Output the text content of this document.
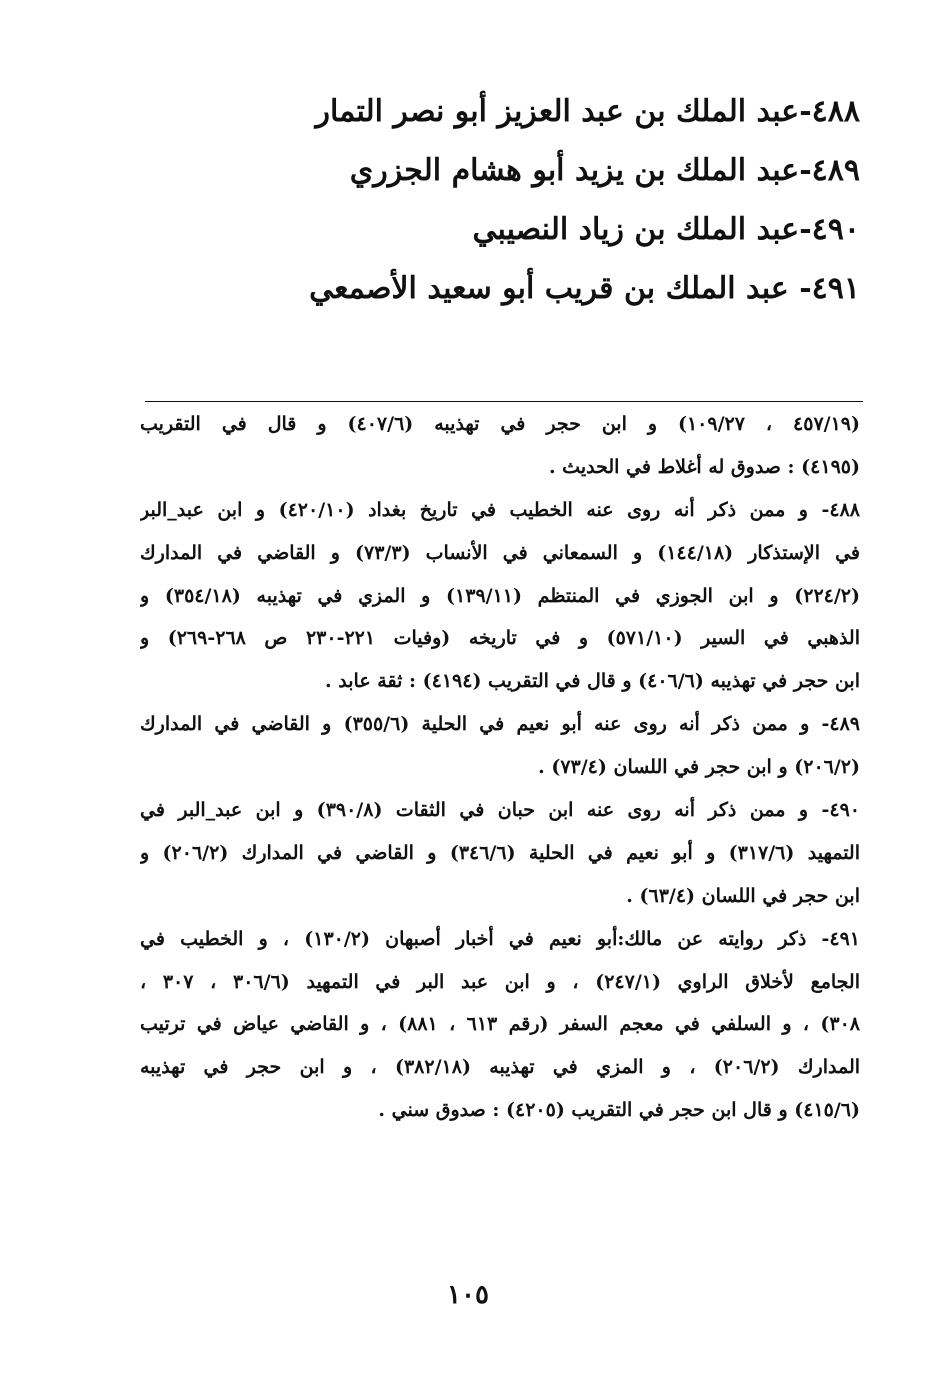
٤٨٨-عبد الملك بن عبد العزيز أبو نصر التمار
٤٨٩-عبد الملك بن يزيد أبو هشام الجزري
٤٩٠-عبد الملك بن زياد النصيبي
٤٩١- عبد الملك بن قريب أبو سعيد الأصمعي
(٤٥٧/١٩ ، ١٠٩/٢٧) و ابن حجر في تهذيبه (٤٠٧/٦) و قال في التقريب
(٤١٩٥) : صدوق له أغلاط في الحديث .
٤٨٨- و ممن ذكر أنه روى عنه الخطيب في تاريخ بغداد (٤٢٠/١٠) و ابن عبد_البر
في الإستذكار (١٤٤/١٨) و السمعاني في الأنساب (٧٣/٣) و القاضي في المدارك
(٢٢٤/٢) و ابن الجوزي في المنتظم (١٣٩/١١) و المزي في تهذيبه (٣٥٤/١٨) و
الذهبي في السير (٥٧١/١٠) و في تاريخه (وفيات ٢٢١-٢٣٠ ص ٢٦٨-٢٦٩) و
ابن حجر في تهذيبه (٤٠٦/٦) و قال في التقريب (٤١٩٤) : ثقة عابد .
٤٨٩- و ممن ذكر أنه روى عنه أبو نعيم في الحلية (٣٥٥/٦) و القاضي في المدارك
(٢٠٦/٢) و ابن حجر في اللسان (٧٣/٤) .
٤٩٠- و ممن ذكر أنه روى عنه ابن حبان في الثقات (٣٩٠/٨) و ابن عبد_البر في
التمهيد (٣١٧/٦) و أبو نعيم في الحلية (٣٤٦/٦) و القاضي في المدارك (٢٠٦/٢) و
ابن حجر في اللسان (٦٣/٤) .
٤٩١- ذكر روايته عن مالك:أبو نعيم في أخبار أصبهان (١٣٠/٢) ، و الخطيب في
الجامع لأخلاق الراوي (٢٤٧/١) ، و ابن عبد البر في التمهيد (٣٠٦/٦ ، ٣٠٧ ،
٣٠٨) ، و السلفي في معجم السفر (رقم ٦١٣ ، ٨٨١) ، و القاضي عياض في ترتيب
المدارك (٢٠٦/٢) ، و المزي في تهذيبه (٣٨٢/١٨) ، و ابن حجر في تهذيبه
(٤١٥/٦) و قال ابن حجر في التقريب (٤٢٠٥) : صدوق سني .
١٠٥
